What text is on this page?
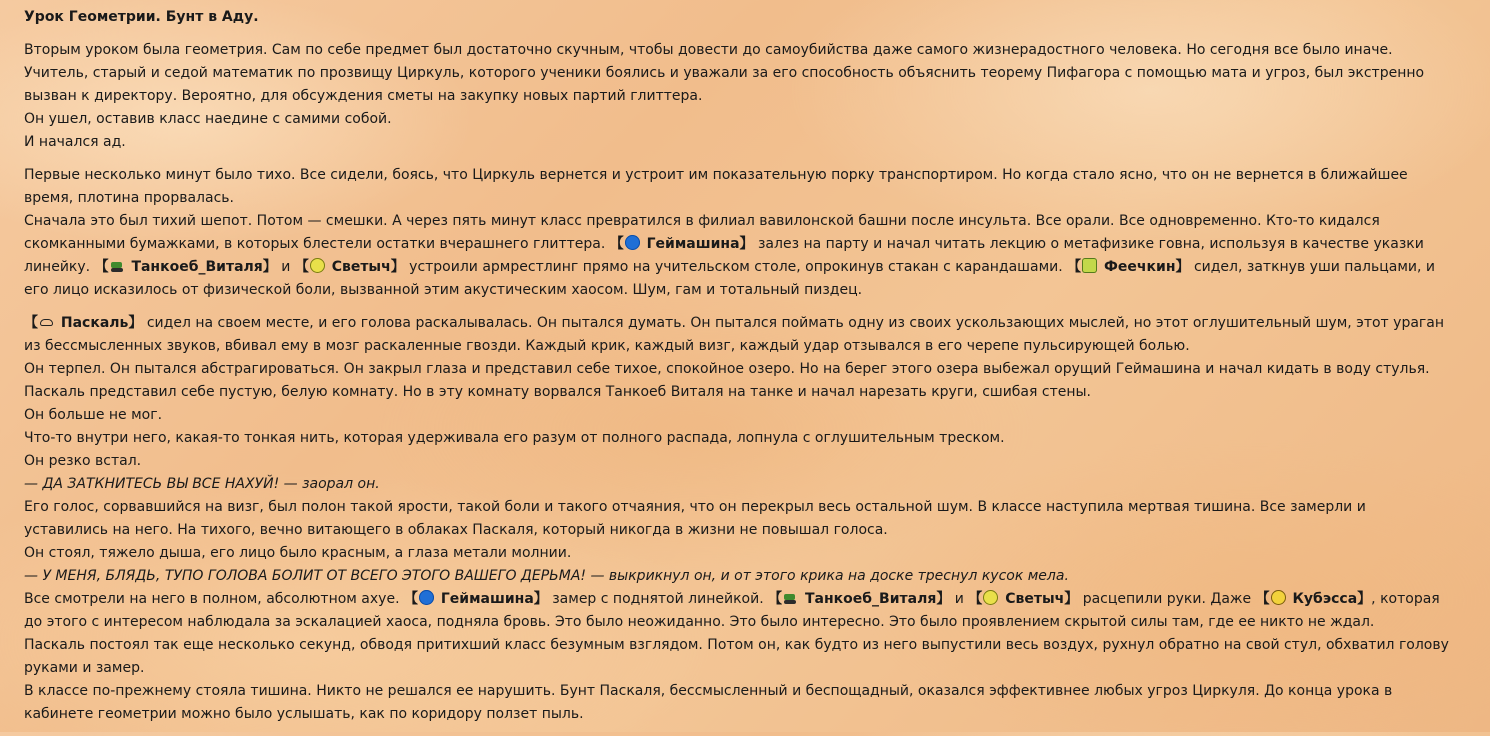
Урок Геометрии. Бунт в Аду.
Вторым уроком была геометрия. Сам по себе предмет был достаточно скучным, чтобы довести до самоубийства даже самого жизнерадостного человека. Но сегодня все было иначе.
Учитель, старый и седой математик по прозвищу Циркуль, которого ученики боялись и уважали за его способность объяснить теорему Пифагора с помощью мата и угроз, был экстренно
вызван к директору. Вероятно, для обсуждения сметы на закупку новых партий глиттера.
Он ушел, оставив класс наедине с самими собой.
И начался ад.
Первые несколько минут было тихо. Все сидели, боясь, что Циркуль вернется и устроит им показательную порку транспортиром. Но когда стало ясно, что он не вернется в ближайшее
время, плотина прорвалась.
Сначала это был тихий шепот. Потом — смешки. А через пять минут класс превратился в филиал вавилонской башни после инсульта. Все орали. Все одновременно. Кто-то кидался
скомканными бумажками, в которых блестели остатки вчерашнего глиттера. 【 Геймашина】 залез на парту и начал читать лекцию о метафизике говна, используя в качестве указки
линейку. 【 Танкоеб_Виталя】 и 【 Светыч】 устроили армрестлинг прямо на учительском столе, опрокинув стакан с карандашами. 【 Феечкин】 сидел, заткнув уши пальцами, и
его лицо исказилось от физической боли, вызванной этим акустическим хаосом. Шум, гам и тотальный пиздец.
【 Паскаль】 сидел на своем месте, и его голова раскалывалась. Он пытался думать. Он пытался поймать одну из своих ускользающих мыслей, но этот оглушительный шум, этот ураган
из бессмысленных звуков, вбивал ему в мозг раскаленные гвозди. Каждый крик, каждый визг, каждый удар отзывался в его черепе пульсирующей болью.
Он терпел. Он пытался абстрагироваться. Он закрыл глаза и представил себе тихое, спокойное озеро. Но на берег этого озера выбежал орущий Геймашина и начал кидать в воду стулья.
Паскаль представил себе пустую, белую комнату. Но в эту комнату ворвался Танкоеб Виталя на танке и начал нарезать круги, сшибая стены.
Он больше не мог.
Что-то внутри него, какая-то тонкая нить, которая удерживала его разум от полного распада, лопнула с оглушительным треском.
Он резко встал.
— ДА ЗАТКНИТЕСЬ ВЫ ВСЕ НАХУЙ! — заорал он.
Его голос, сорвавшийся на визг, был полон такой ярости, такой боли и такого отчаяния, что он перекрыл весь остальной шум. В классе наступила мертвая тишина. Все замерли и
уставились на него. На тихого, вечно витающего в облаках Паскаля, который никогда в жизни не повышал голоса.
Он стоял, тяжело дыша, его лицо было красным, а глаза метали молнии.
— У МЕНЯ, БЛЯДЬ, ТУПО ГОЛОВА БОЛИТ ОТ ВСЕГО ЭТОГО ВАШЕГО ДЕРЬМА! — выкрикнул он, и от этого крика на доске треснул кусок мела.
Все смотрели на него в полном, абсолютном ахуе. 【 Геймашина】 замер с поднятой линейкой. 【 Танкоеб_Виталя】 и 【 Светыч】 расцепили руки. Даже 【 Кубэсса】, которая
до этого с интересом наблюдала за эскалацией хаоса, подняла бровь. Это было неожиданно. Это было интересно. Это было проявлением скрытой силы там, где ее никто не ждал.
Паскаль постоял так еще несколько секунд, обводя притихший класс безумным взглядом. Потом он, как будто из него выпустили весь воздух, рухнул обратно на свой стул, обхватил голову
руками и замер.
В классе по-прежнему стояла тишина. Никто не решался ее нарушить. Бунт Паскаля, бессмысленный и беспощадный, оказался эффективнее любых угроз Циркуля. До конца урока в
кабинете геометрии можно было услышать, как по коридору ползет пыль.
